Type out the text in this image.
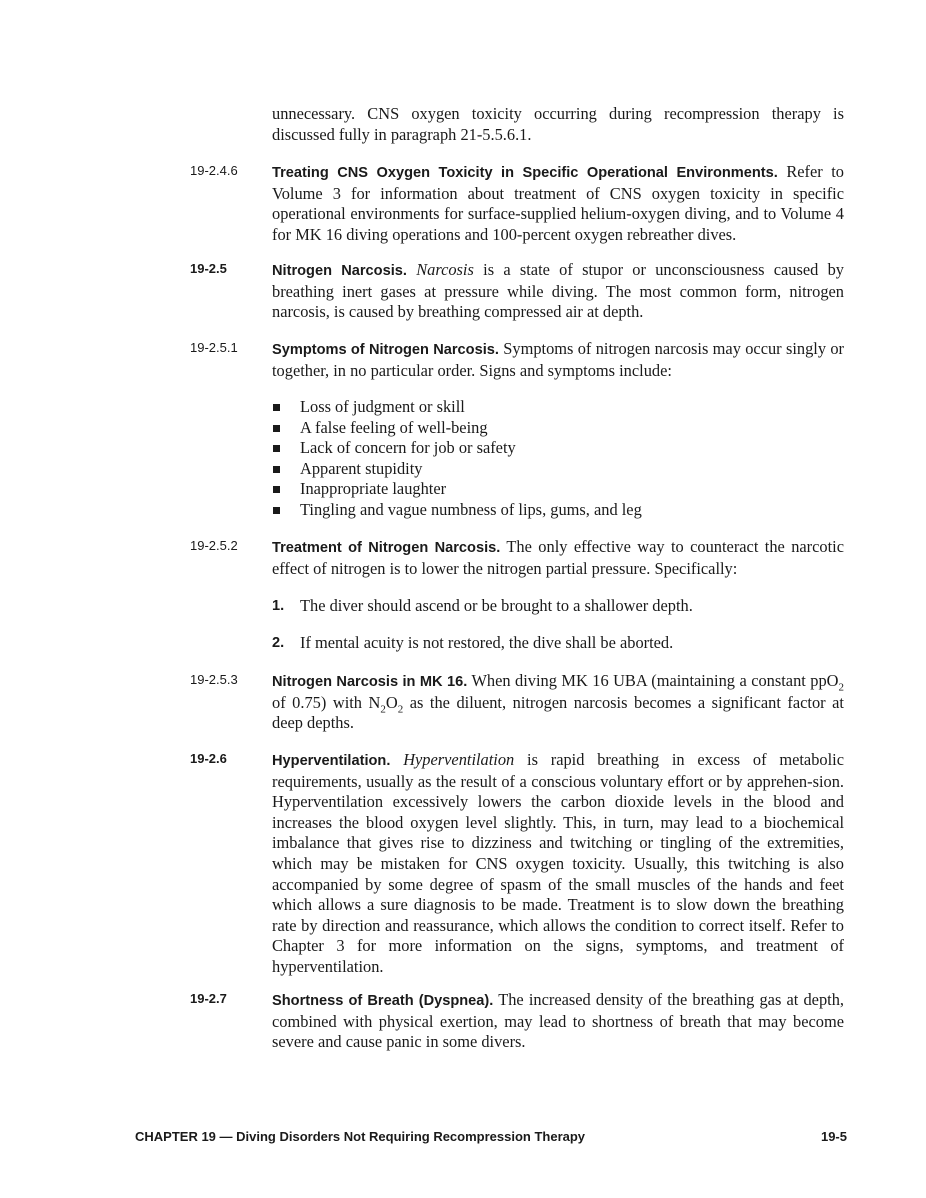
unnecessary. CNS oxygen toxicity occurring during recompression therapy is discussed fully in paragraph 21-5.5.6.1.
19-2.4.6	Treating CNS Oxygen Toxicity in Specific Operational Environments. Refer to Volume 3 for information about treatment of CNS oxygen toxicity in specific operational environments for surface-supplied helium-oxygen diving, and to Volume 4 for MK 16 diving operations and 100-percent oxygen rebreather dives.
19-2.5	Nitrogen Narcosis. Narcosis is a state of stupor or unconsciousness caused by breathing inert gases at pressure while diving. The most common form, nitrogen narcosis, is caused by breathing compressed air at depth.
19-2.5.1	Symptoms of Nitrogen Narcosis. Symptoms of nitrogen narcosis may occur singly or together, in no particular order. Signs and symptoms include:
Loss of judgment or skill
A false feeling of well-being
Lack of concern for job or safety
Apparent stupidity
Inappropriate laughter
Tingling and vague numbness of lips, gums, and leg
19-2.5.2	Treatment of Nitrogen Narcosis. The only effective way to counteract the narcotic effect of nitrogen is to lower the nitrogen partial pressure. Specifically:
1. The diver should ascend or be brought to a shallower depth.
2. If mental acuity is not restored, the dive shall be aborted.
19-2.5.3	Nitrogen Narcosis in MK 16. When diving MK 16 UBA (maintaining a constant ppO$_2$ of 0.75) with $N_2O_2$ as the diluent, nitrogen narcosis becomes a significant factor at deep depths.
19-2.6	Hyperventilation. Hyperventilation is rapid breathing in excess of metabolic requirements, usually as the result of a conscious voluntary effort or by apprehen-sion. Hyperventilation excessively lowers the carbon dioxide levels in the blood and increases the blood oxygen level slightly. This, in turn, may lead to a biochemical imbalance that gives rise to dizziness and twitching or tingling of the extremities, which may be mistaken for CNS oxygen toxicity. Usually, this twitching is also accompanied by some degree of spasm of the small muscles of the hands and feet which allows a sure diagnosis to be made. Treatment is to slow down the breathing rate by direction and reassurance, which allows the condition to correct itself. Refer to Chapter 3 for more information on the signs, symptoms, and treatment of hyperventilation.
19-2.7	Shortness of Breath (Dyspnea). The increased density of the breathing gas at depth, combined with physical exertion, may lead to shortness of breath that may become severe and cause panic in some divers.
CHAPTER 19 — Diving Disorders Not Requiring Recompression Therapy	19-5
